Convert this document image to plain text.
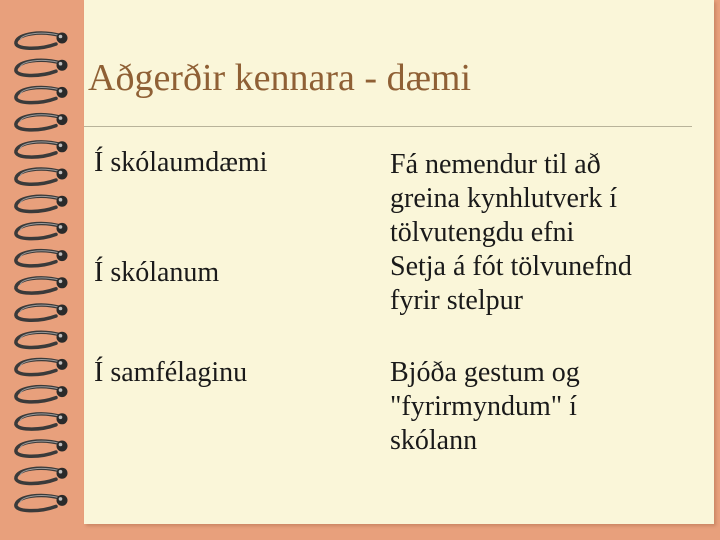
Aðgerðir kennara - dæmi
Í skólaumdæmi	Fá nemendur til að
greina kynhlutverk í
tölvutengdu efni
Í skólanum	Setja á fót tölvunefnd
fyrir stelpur
Í samfélaginu	Bjóða gestum og
"fyrirmyndum" í
skólann
